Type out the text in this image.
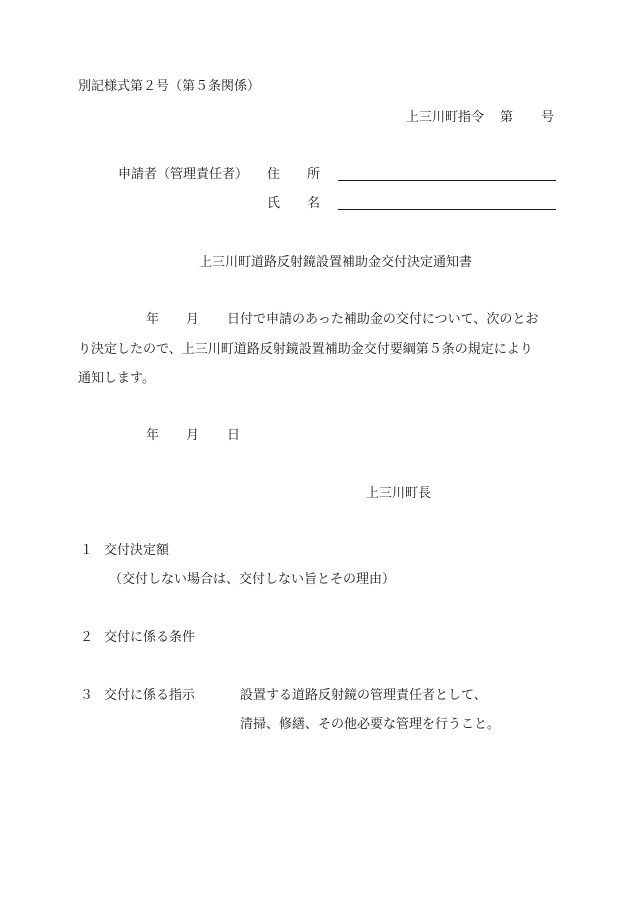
別記様式第２号（第５条関係）
上三川町指令 第 号
申請者（管理責任者） 住 所
氏 名
上三川町道路反射鏡設置補助金交付決定通知書
年 月 日付で申請のあった補助金の交付について、次のとお
り決定したので、上三川町道路反射鏡設置補助金交付要綱第５条の規定により
通知します。
年 月 日
上三川町長
１ 交付決定額
（交付しない場合は、交付しない旨とその理由）
２ 交付に係る条件
３ 交付に係る指示	設置する道路反射鏡の管理責任者として、
清掃、修繕、その他必要な管理を行うこと。
